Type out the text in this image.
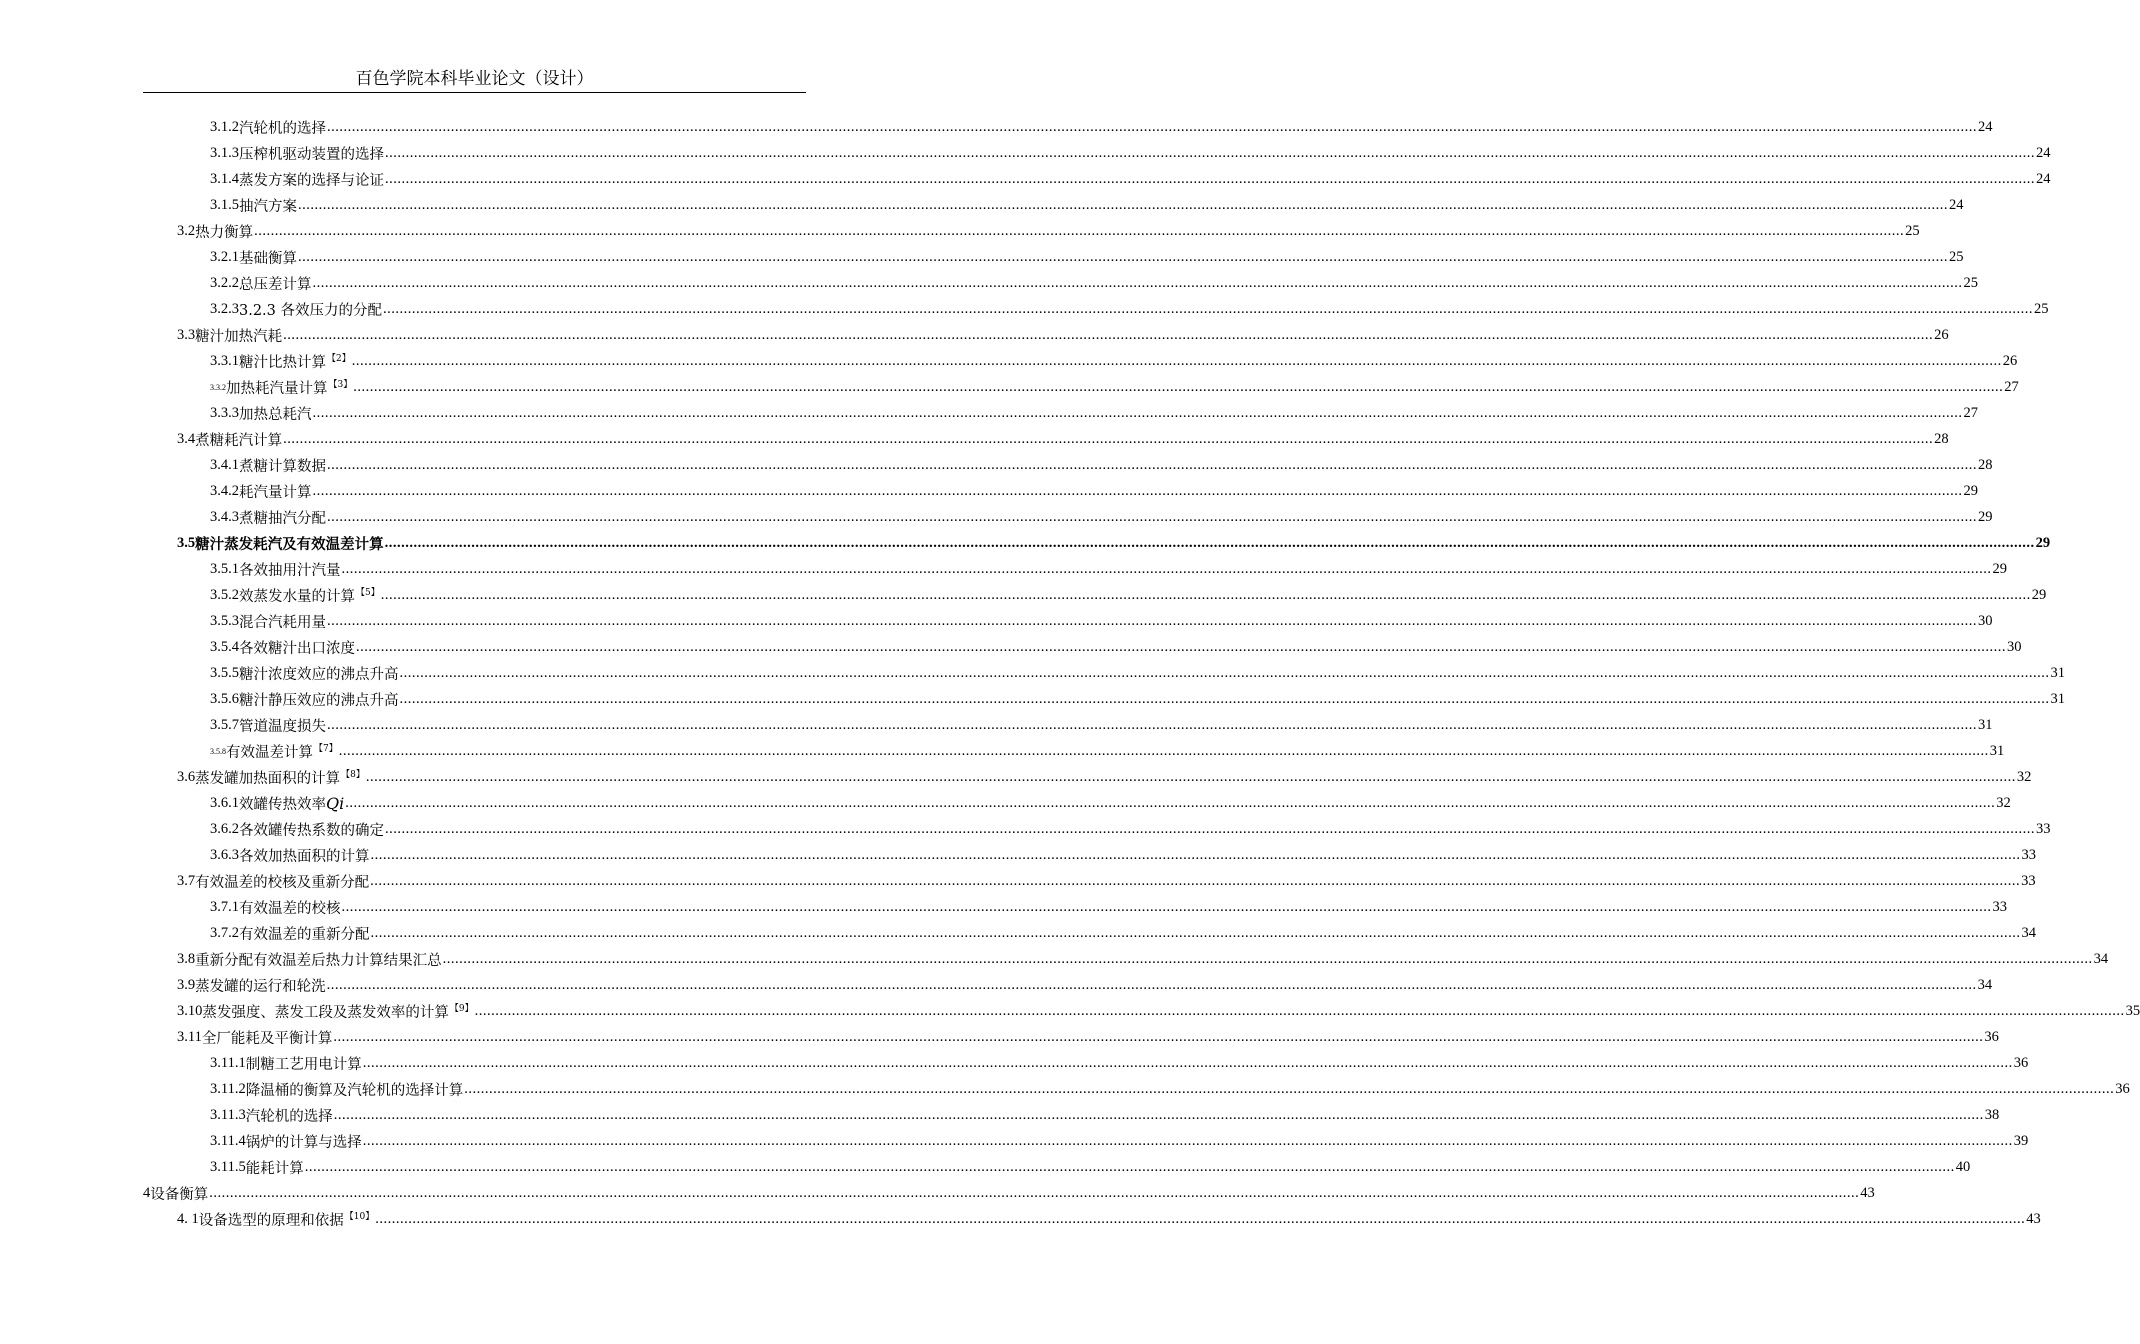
百色学院本科毕业论文（设计）
3.1.2 汽轮机的选择 ................................................................................................................................................................................................................................................................................................................................................................................................................ 24
3.1.3 压榨机驱动装置的选择 ................................................................................................................................................................................................................................................................................................................................................................................................................ 24
3.1.4 蒸发方案的选择与论证 ................................................................................................................................................................................................................................................................................................................................................................................................................ 24
3.1.5 抽汽方案 ................................................................................................................................................................................................................................................................................................................................................................................................................ 24
3.2 热力衡算 ................................................................................................................................................................................................................................................................................................................................................................................................................ 25
3.2.1 基础衡算 ................................................................................................................................................................................................................................................................................................................................................................................................................ 25
3.2.2 总压差计算 ................................................................................................................................................................................................................................................................................................................................................................................................................ 25
3.2.3 3.2.3 各效压力的分配 ................................................................................................................................................................................................................................................................................................................................................................................................................ 25
3.3 糖汁加热汽耗 ................................................................................................................................................................................................................................................................................................................................................................................................................ 26
3.3.1 糖汁比热计算$^{【2】}$ ................................................................................................................................................................................................................................................................................................................................................................................................................ 26
3.3.2 加热耗汽量计算$^{【3】}$ ................................................................................................................................................................................................................................................................................................................................................................................................................ 27
3.3.3 加热总耗汽 ................................................................................................................................................................................................................................................................................................................................................................................................................ 27
3.4 煮糖耗汽计算 ................................................................................................................................................................................................................................................................................................................................................................................................................ 28
3.4.1 煮糖计算数据 ................................................................................................................................................................................................................................................................................................................................................................................................................ 28
3.4.2 耗汽量计算 ................................................................................................................................................................................................................................................................................................................................................................................................................ 29
3.4.3 煮糖抽汽分配 ................................................................................................................................................................................................................................................................................................................................................................................................................ 29
3.5 糖汁蒸发耗汽及有效温差计算 ................................................................................................................................................................................................................................................................................................................................................................................................................ 29
3.5.1 各效抽用汁汽量 ................................................................................................................................................................................................................................................................................................................................................................................................................ 29
3.5.2 效蒸发水量的计算$^{【5】}$ ................................................................................................................................................................................................................................................................................................................................................................................................................ 29
3.5.3 混合汽耗用量 ................................................................................................................................................................................................................................................................................................................................................................................................................ 30
3.5.4 各效糖汁出口浓度 ................................................................................................................................................................................................................................................................................................................................................................................................................ 30
3.5.5 糖汁浓度效应的沸点升高 ................................................................................................................................................................................................................................................................................................................................................................................................................ 31
3.5.6 糖汁静压效应的沸点升高 ................................................................................................................................................................................................................................................................................................................................................................................................................ 31
3.5.7 管道温度损失 ................................................................................................................................................................................................................................................................................................................................................................................................................ 31
3.5.8 有效温差计算$^{【7】}$ ................................................................................................................................................................................................................................................................................................................................................................................................................ 31
3.6 蒸发罐加热面积的计算$^{【8】}$ ................................................................................................................................................................................................................................................................................................................................................................................................................ 32
3.6.1 效罐传热效率Qi ................................................................................................................................................................................................................................................................................................................................................................................................................ 32
3.6.2 各效罐传热系数的确定 ................................................................................................................................................................................................................................................................................................................................................................................................................ 33
3.6.3 各效加热面积的计算 ................................................................................................................................................................................................................................................................................................................................................................................................................ 33
3.7 有效温差的校核及重新分配 ................................................................................................................................................................................................................................................................................................................................................................................................................ 33
3.7.1 有效温差的校核 ................................................................................................................................................................................................................................................................................................................................................................................................................ 33
3.7.2 有效温差的重新分配 ................................................................................................................................................................................................................................................................................................................................................................................................................ 34
3.8 重新分配有效温差后热力计算结果汇总 ................................................................................................................................................................................................................................................................................................................................................................................................................ 34
3.9 蒸发罐的运行和轮洗 ................................................................................................................................................................................................................................................................................................................................................................................................................ 34
3.10 蒸发强度、蒸发工段及蒸发效率的计算$^{【9】}$ ................................................................................................................................................................................................................................................................................................................................................................................................................ 35
3.11 全厂能耗及平衡计算 ................................................................................................................................................................................................................................................................................................................................................................................................................ 36
3.11.1 制糖工艺用电计算 ................................................................................................................................................................................................................................................................................................................................................................................................................ 36
3.11.2 降温桶的衡算及汽轮机的选择计算 ................................................................................................................................................................................................................................................................................................................................................................................................................ 36
3.11.3 汽轮机的选择 ................................................................................................................................................................................................................................................................................................................................................................................................................ 38
3.11.4 锅炉的计算与选择 ................................................................................................................................................................................................................................................................................................................................................................................................................ 39
3.11.5 能耗计算 ................................................................................................................................................................................................................................................................................................................................................................................................................ 40
4 设备衡算 ................................................................................................................................................................................................................................................................................................................................................................................................................ 43
4. 1 设备选型的原理和依据$^{【10】}$ ................................................................................................................................................................................................................................................................................................................................................................................................................ 43
